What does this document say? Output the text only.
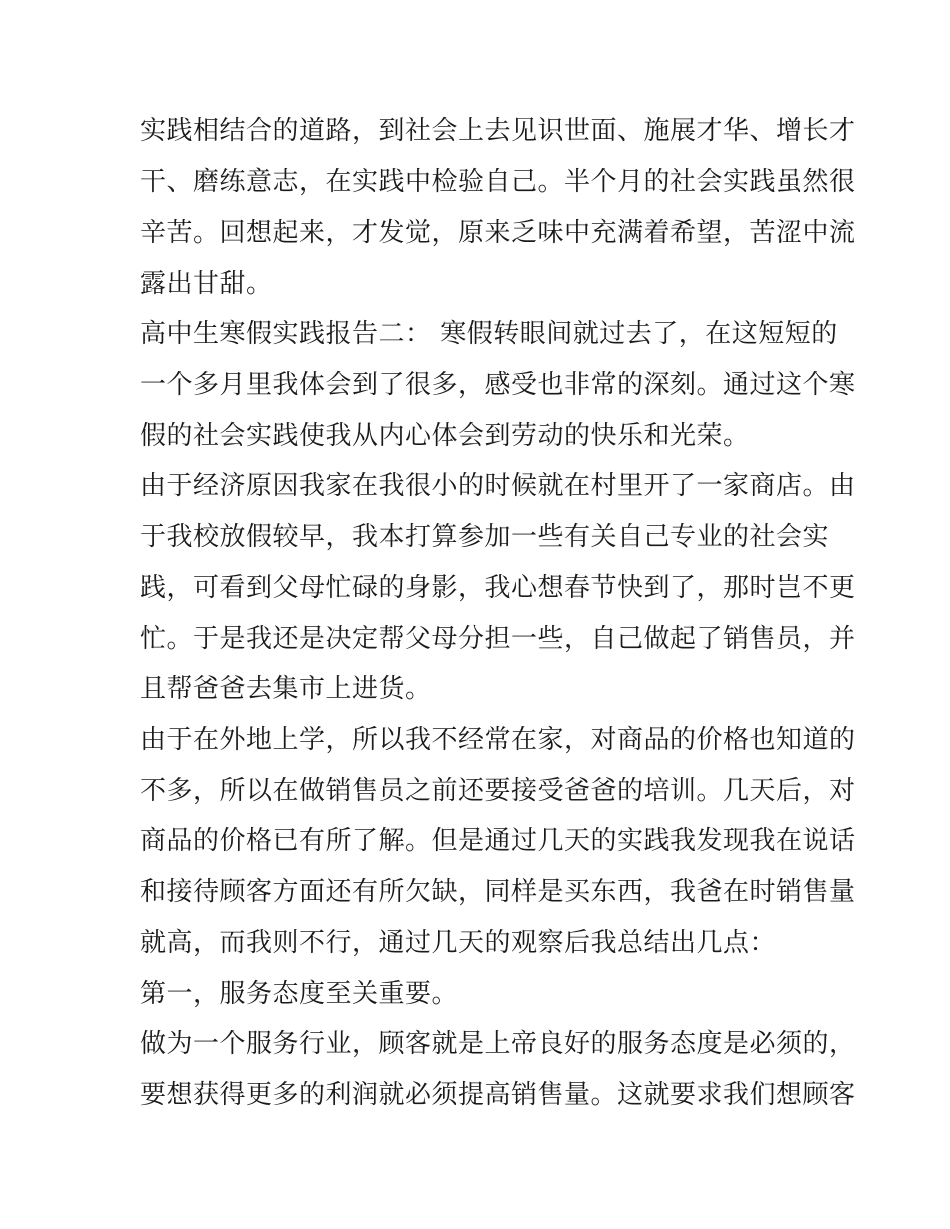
实践相结合的道路，到社会上去见识世面、施展才华、增长才
干、磨练意志，在实践中检验自己。半个月的社会实践虽然很
辛苦。回想起来，才发觉，原来乏味中充满着希望，苦涩中流
露出甘甜。
高中生寒假实践报告二： 寒假转眼间就过去了，在这短短的
一个多月里我体会到了很多，感受也非常的深刻。通过这个寒
假的社会实践使我从内心体会到劳动的快乐和光荣。
由于经济原因我家在我很小的时候就在村里开了一家商店。由
于我校放假较早，我本打算参加一些有关自己专业的社会实
践，可看到父母忙碌的身影，我心想春节快到了，那时岂不更
忙。于是我还是决定帮父母分担一些，自己做起了销售员，并
且帮爸爸去集市上进货。
由于在外地上学，所以我不经常在家，对商品的价格也知道的
不多，所以在做销售员之前还要接受爸爸的培训。几天后，对
商品的价格已有所了解。但是通过几天的实践我发现我在说话
和接待顾客方面还有所欠缺，同样是买东西，我爸在时销售量
就高，而我则不行，通过几天的观察后我总结出几点：
第一，服务态度至关重要。
做为一个服务行业，顾客就是上帝良好的服务态度是必须的，
要想获得更多的利润就必须提高销售量。这就要求我们想顾客
